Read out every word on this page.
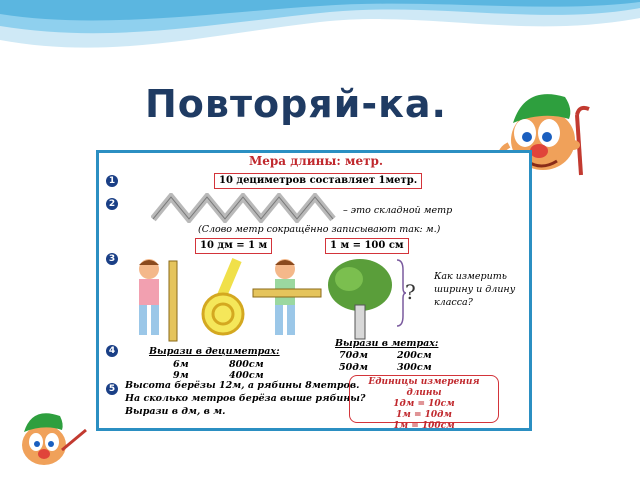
Повторяй-ка.
Мера длины: метр.
1
2
3
4
5
10 дециметров составляет 1метр.
– это складной метр
(Слово метр сокращённо записывают так: м.)
10 дм = 1 м	1 м = 100 см
?
Как измерить
ширину и длину
класса?
Вырази в дециметрах:
6м	800см
9м	400см
Вырази в метрах:
70дм	200см
50дм	300см
Высота берёзы 12м, а рябины 8метров.
На сколько метров берёза выше рябины?
Вырази в дм, в м.
Единицы измерения длины
1дм = 10см
1м = 10дм
1м = 100см
